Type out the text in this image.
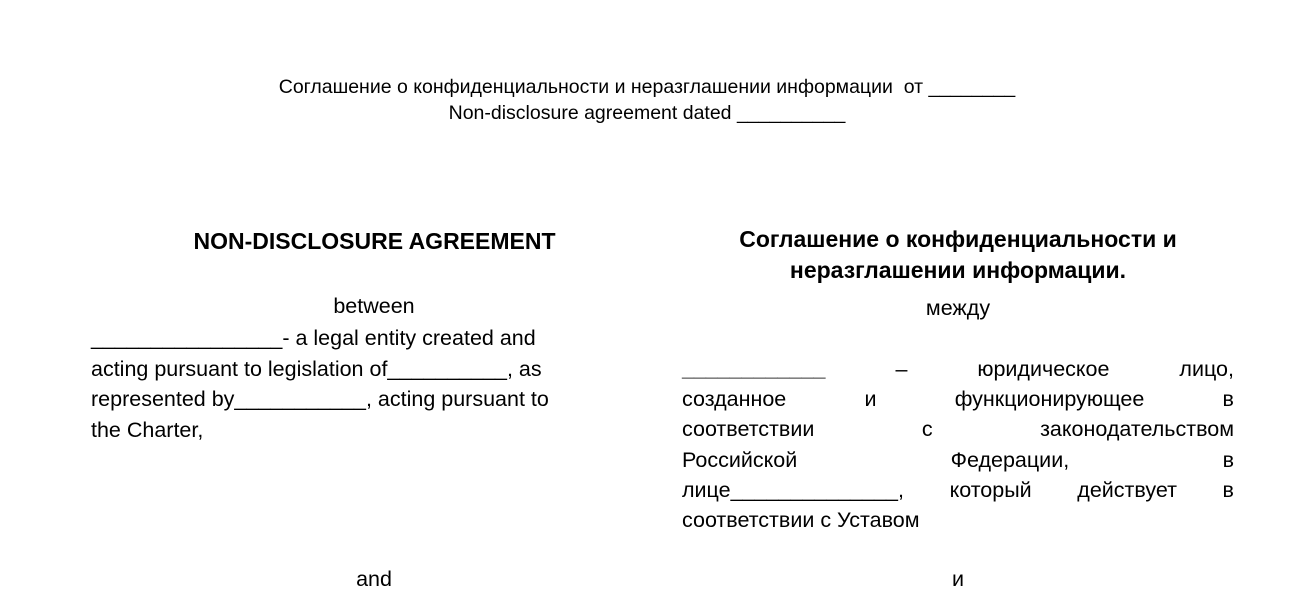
Соглашение о конфиденциальности и неразглашении информации  от ________
Non-disclosure agreement dated __________
NON-DISCLOSURE AGREEMENT
between
________________- a legal entity created and
acting pursuant to legislation of__________, as
represented by___________, acting pursuant to
the Charter,
and
Соглашение о конфиденциальности и
неразглашении информации.
между
____________	–	юридическое	лицо,
созданное	и	функционирующее	в
соответствии	с	законодательством
Российской	Федерации,	в
лице______________, который действует в
соответствии с Уставом
и
